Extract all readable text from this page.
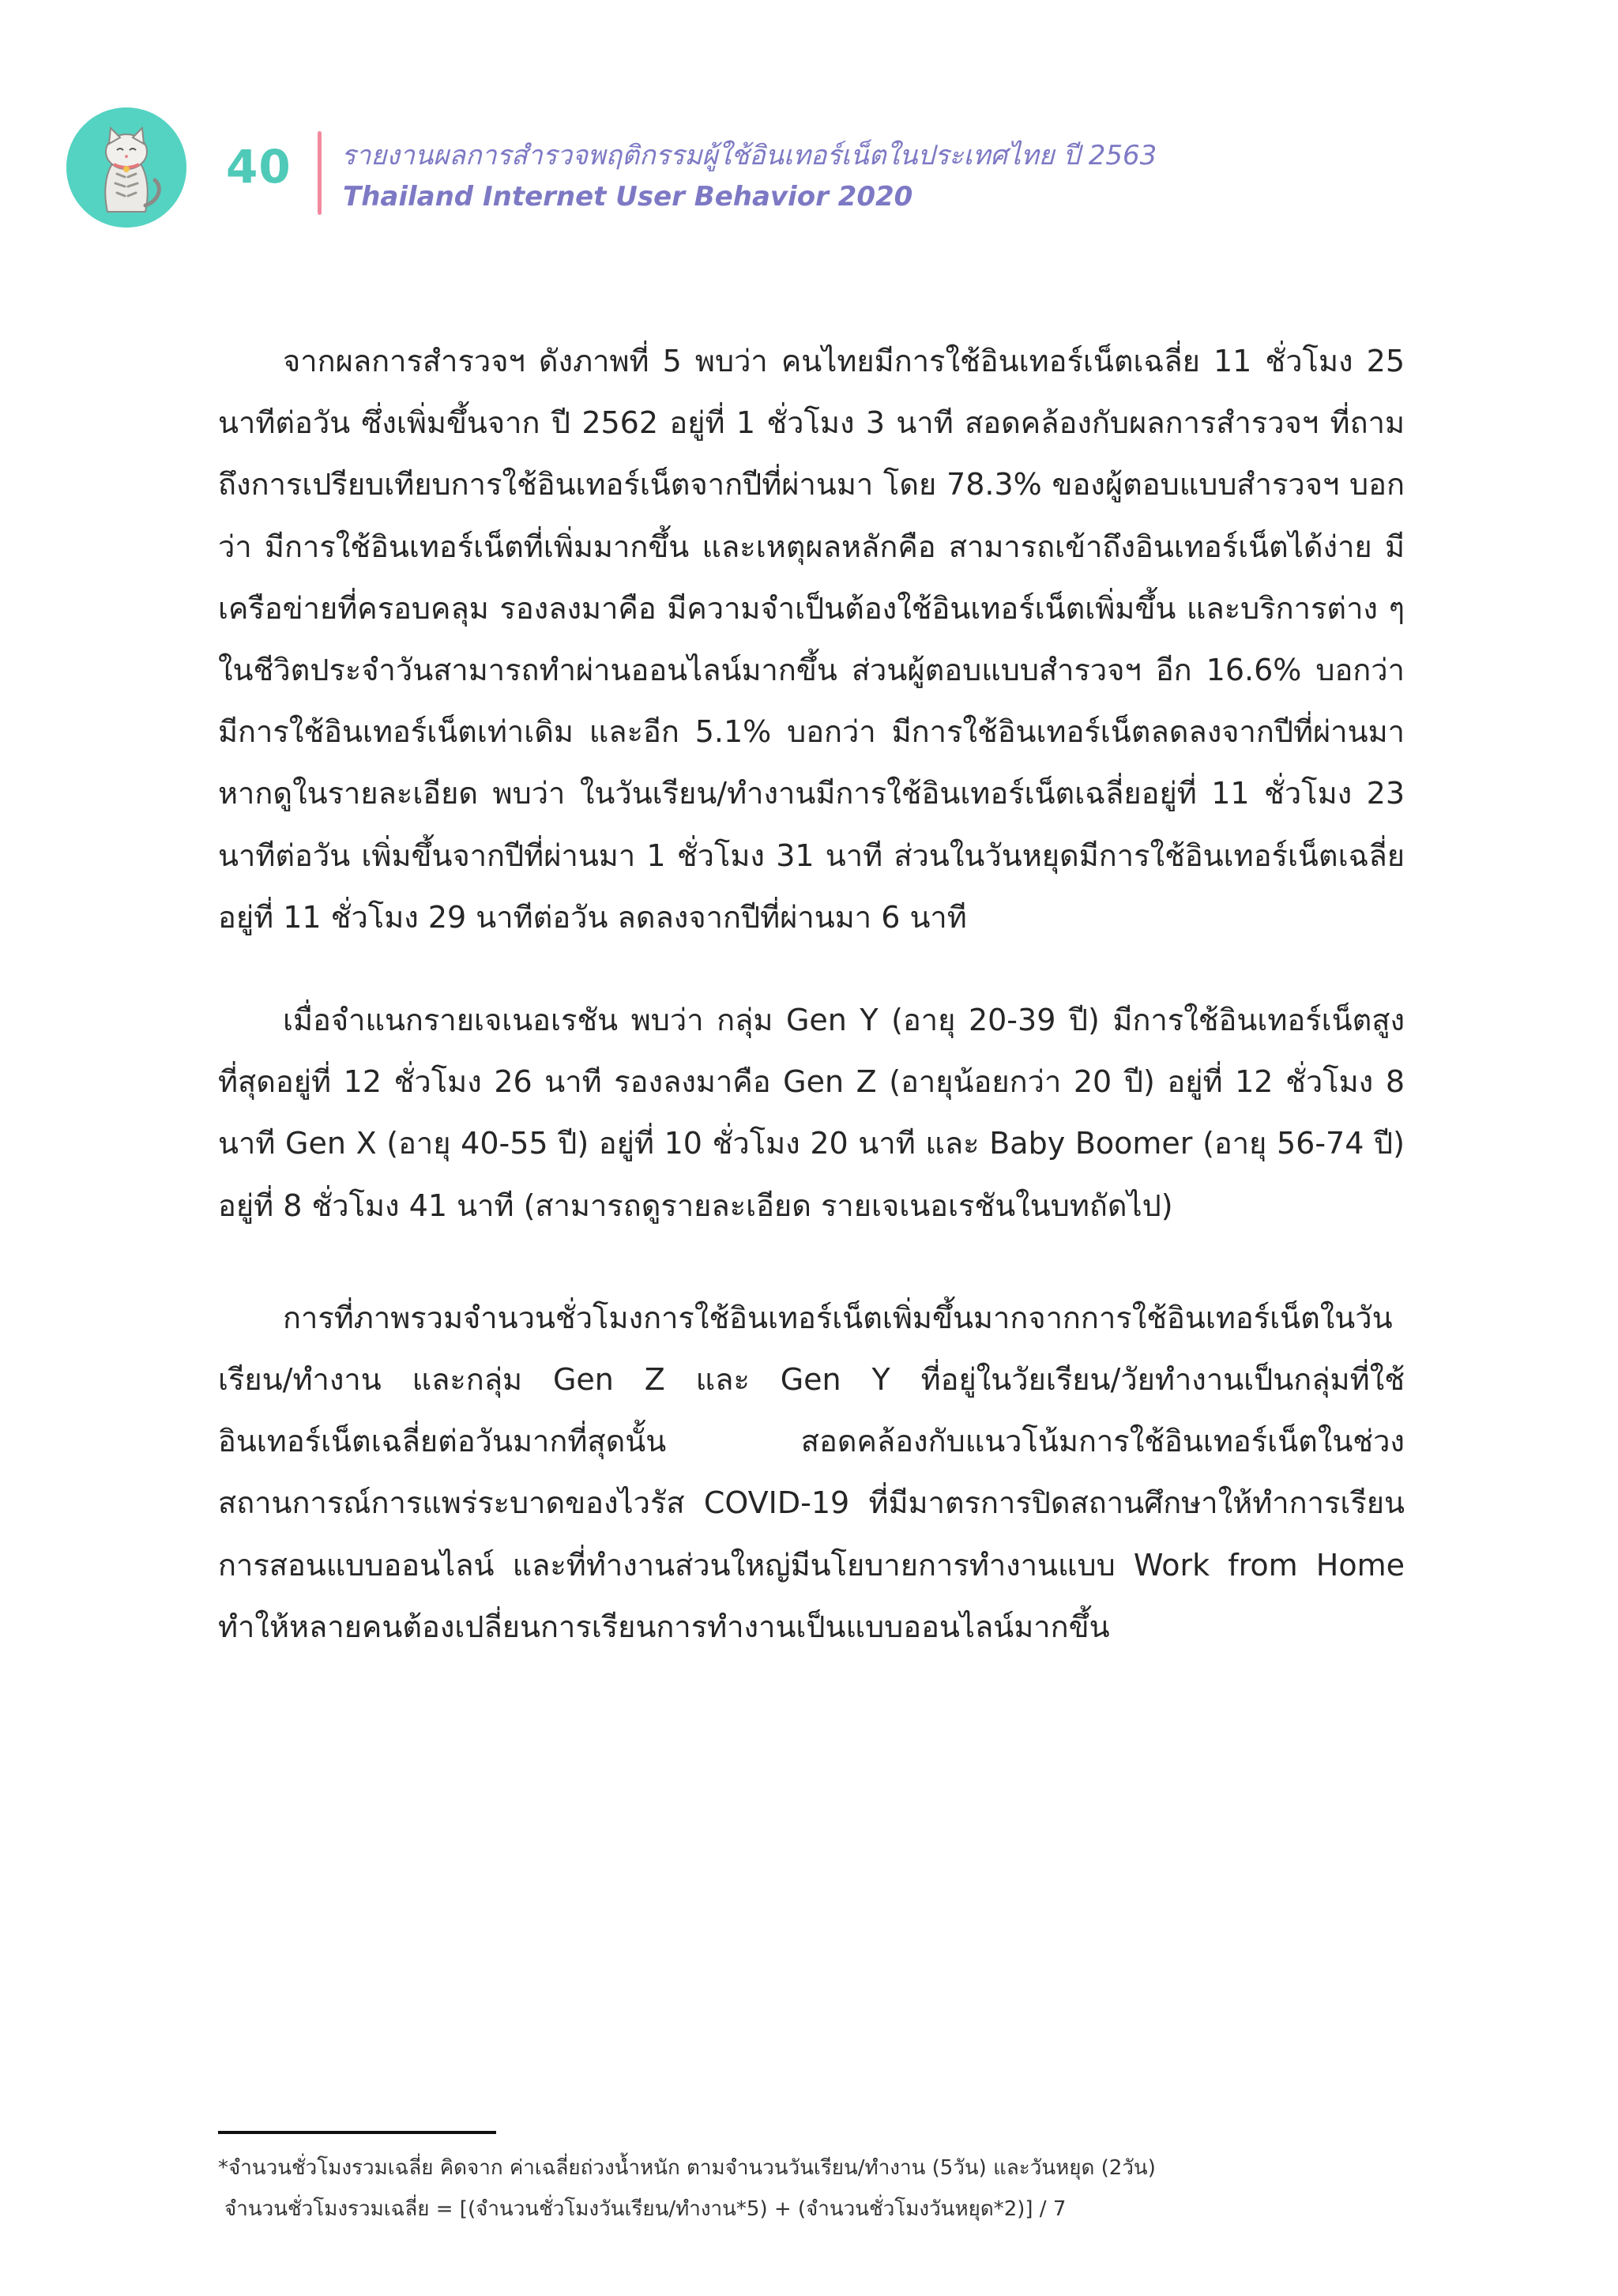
40 รายงานผลการสำรวจพฤติกรรมผู้ใช้อินเทอร์เน็ตในประเทศไทย ปี 2563
Thailand Internet User Behavior 2020

จากผลการสำรวจฯ ดังภาพที่ 5 พบว่า คนไทยมีการใช้อินเทอร์เน็ตเฉลี่ย 11 ชั่วโมง 25 นาทีต่อวัน ซึ่งเพิ่มขึ้นจาก ปี 2562 อยู่ที่ 1 ชั่วโมง 3 นาที สอดคล้องกับผลการสำรวจฯ ที่ถามถึงการเปรียบเทียบการใช้อินเทอร์เน็ตจากปีที่ผ่านมา โดย 78.3% ของผู้ตอบแบบสำรวจฯ บอกว่า มีการใช้อินเทอร์เน็ตที่เพิ่มมากขึ้น และเหตุผลหลักคือ สามารถเข้าถึงอินเทอร์เน็ตได้ง่าย มีเครือข่ายที่ครอบคลุม รองลงมาคือ มีความจำเป็นต้องใช้อินเทอร์เน็ตเพิ่มขึ้น และบริการต่าง ๆ ในชีวิตประจำวันสามารถทำผ่านออนไลน์มากขึ้น ส่วนผู้ตอบแบบสำรวจฯ อีก 16.6% บอกว่า มีการใช้อินเทอร์เน็ตเท่าเดิม และอีก 5.1% บอกว่า มีการใช้อินเทอร์เน็ตลดลงจากปีที่ผ่านมา หากดูในรายละเอียด พบว่า ในวันเรียน/ทำงานมีการใช้อินเทอร์เน็ตเฉลี่ยอยู่ที่ 11 ชั่วโมง 23 นาทีต่อวัน เพิ่มขึ้นจากปีที่ผ่านมา 1 ชั่วโมง 31 นาที ส่วนในวันหยุดมีการใช้อินเทอร์เน็ตเฉลี่ยอยู่ที่ 11 ชั่วโมง 29 นาทีต่อวัน ลดลงจากปีที่ผ่านมา 6 นาที

เมื่อจำแนกรายเจเนอเรชัน พบว่า กลุ่ม Gen Y (อายุ 20-39 ปี) มีการใช้อินเทอร์เน็ตสูงที่สุดอยู่ที่ 12 ชั่วโมง 26 นาที รองลงมาคือ Gen Z (อายุน้อยกว่า 20 ปี) อยู่ที่ 12 ชั่วโมง 8 นาที Gen X (อายุ 40-55 ปี) อยู่ที่ 10 ชั่วโมง 20 นาที และ Baby Boomer (อายุ 56-74 ปี) อยู่ที่ 8 ชั่วโมง 41 นาที (สามารถดูรายละเอียด รายเจเนอเรชันในบทถัดไป)

การที่ภาพรวมจำนวนชั่วโมงการใช้อินเทอร์เน็ตเพิ่มขึ้นมากจากการใช้อินเทอร์เน็ตในวันเรียน/ทำงาน และกลุ่ม Gen Z และ Gen Y ที่อยู่ในวัยเรียน/วัยทำงานเป็นกลุ่มที่ใช้อินเทอร์เน็ตเฉลี่ยต่อวันมากที่สุดนั้น สอดคล้องกับแนวโน้มการใช้อินเทอร์เน็ตในช่วงสถานการณ์การแพร่ระบาดของไวรัส COVID-19 ที่มีมาตรการปิดสถานศึกษาให้ทำการเรียนการสอนแบบออนไลน์ และที่ทำงานส่วนใหญ่มีนโยบายการทำงานแบบ Work from Home ทำให้หลายคนต้องเปลี่ยนการเรียนการทำงานเป็นแบบออนไลน์มากขึ้น

*จำนวนชั่วโมงรวมเฉลี่ย คิดจาก ค่าเฉลี่ยถ่วงน้ำหนัก ตามจำนวนวันเรียน/ทำงาน (5วัน) และวันหยุด (2วัน)
จำนวนชั่วโมงรวมเฉลี่ย = [(จำนวนชั่วโมงวันเรียน/ทำงาน*5) + (จำนวนชั่วโมงวันหยุด*2)] / 7
